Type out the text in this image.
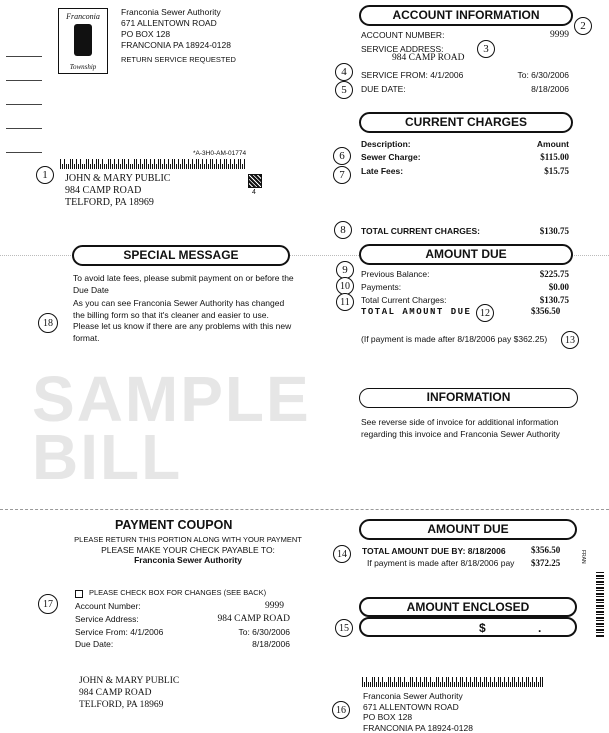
SAMPLE
BILL
Franconia
Township
Franconia Sewer Authority
671 ALLENTOWN ROAD
PO BOX 128
FRANCONIA PA 18924-0128
RETURN SERVICE REQUESTED
*A-3H0-AM-01774
4
1	JOHN & MARY PUBLIC
984 CAMP ROAD
TELFORD, PA 18969
ACCOUNT INFORMATION
2
ACCOUNT NUMBER:	9999
SERVICE ADDRESS:	3
984 CAMP ROAD
4	SERVICE FROM: 4/1/2006	To: 6/30/2006
5	DUE DATE:	8/18/2006
CURRENT CHARGES
Description:	Amount
6	Sewer Charge:	$115.00
7	Late Fees:	$15.75
8	TOTAL CURRENT CHARGES:	$130.75
SPECIAL MESSAGE
To avoid late fees, please submit payment on or before the Due Date
As you can see Franconia Sewer Authority has changed the billing form so that it's cleaner and easier to use. Please let us know if there are any problems with this new format.
18
AMOUNT DUE
9	Previous Balance:	$225.75
10	Payments:	$0.00
11	Total Current Charges:	$130.75
TOTAL AMOUNT DUE 12	$356.50
(If payment is made after 8/18/2006 pay $362.25)	13
INFORMATION
See reverse side of invoice for additional information regarding this invoice and Franconia Sewer Authority
PAYMENT COUPON
PLEASE RETURN THIS PORTION ALONG WITH YOUR PAYMENT
PLEASE MAKE YOUR CHECK PAYABLE TO:
Franconia Sewer Authority
PLEASE CHECK BOX FOR CHANGES (SEE BACK)
17	Account Number:	9999
Service Address:	984 CAMP ROAD
Service From: 4/1/2006	To: 6/30/2006
Due Date:	8/18/2006
JOHN & MARY PUBLIC
984 CAMP ROAD
TELFORD, PA 18969
AMOUNT DUE
14	TOTAL AMOUNT DUE BY: 8/18/2006	$356.50
If payment is made after 8/18/2006 pay $372.25	FRAN
AMOUNT ENCLOSED
15	$	.
16
Franconia Sewer Authority
671 ALLENTOWN ROAD
PO BOX 128
FRANCONIA PA 18924-0128
